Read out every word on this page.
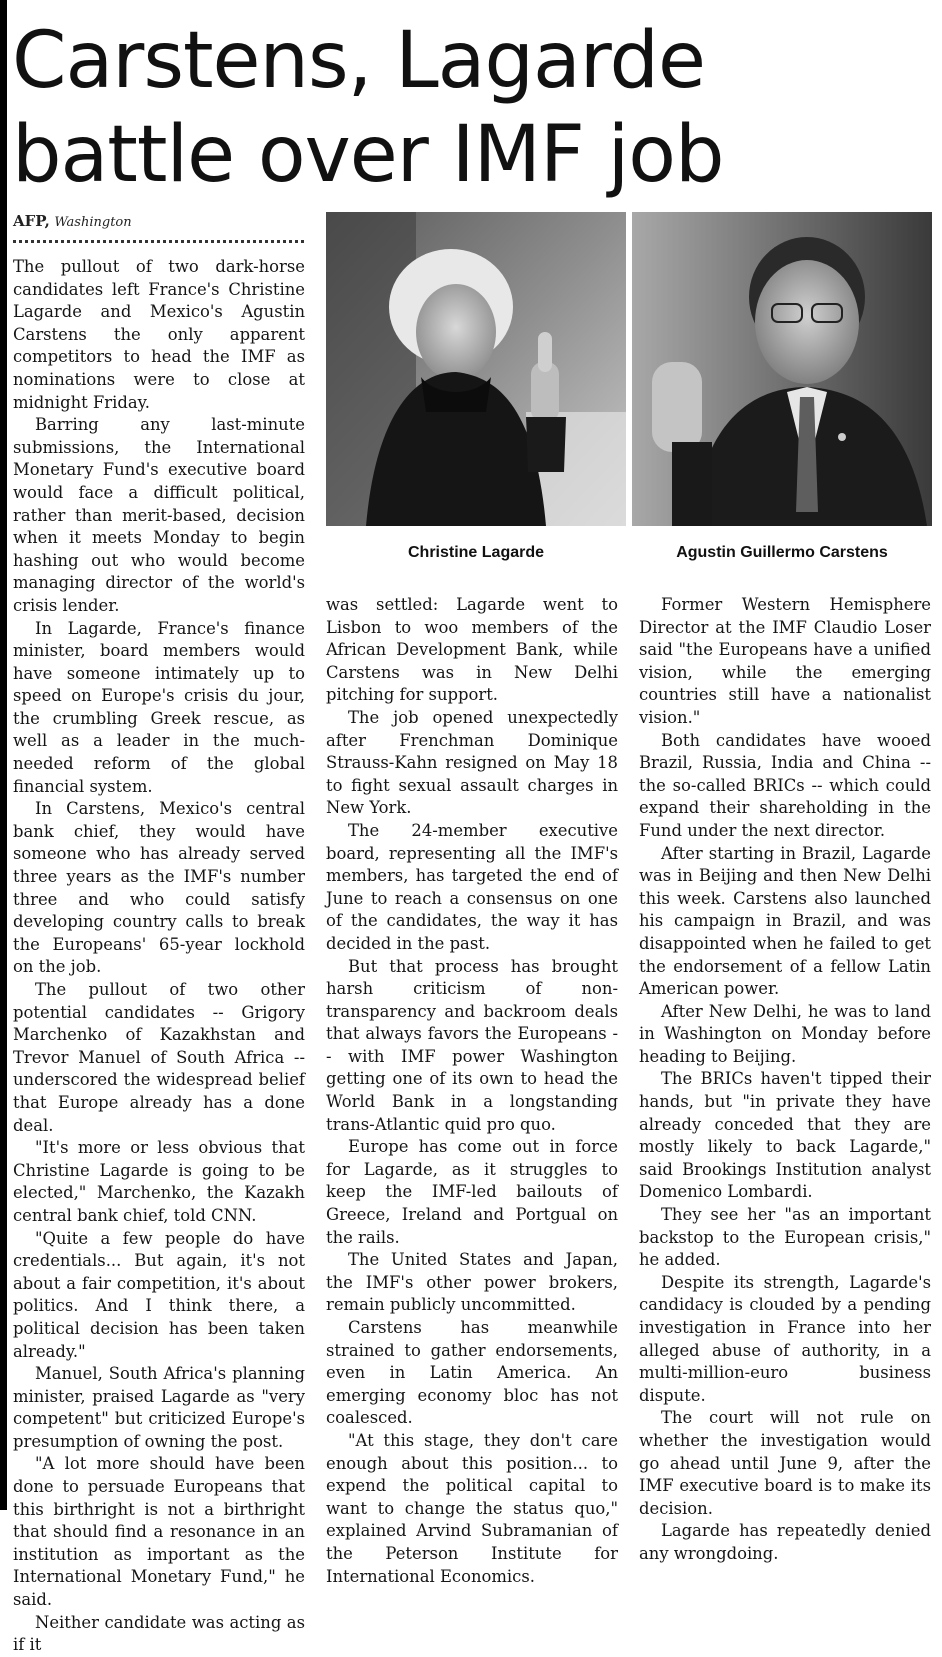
Carstens, Lagarde battle over IMF job
AFP, Washington
Christine Lagarde	Agustin Guillermo Carstens

The pullout of two dark-horse candidates left France's Christine Lagarde and Mexico's Agustin Carstens the only apparent competitors to head the IMF as nominations were to close at midnight Friday.

Barring any last-minute submissions, the International Monetary Fund's executive board would face a difficult political, rather than merit-based, decision when it meets Monday to begin hashing out who would become managing director of the world's crisis lender.

In Lagarde, France's finance minister, board members would have someone intimately up to speed on Europe's crisis du jour, the crumbling Greek rescue, as well as a leader in the much-needed reform of the global financial system.

In Carstens, Mexico's central bank chief, they would have someone who has already served three years as the IMF's number three and who could satisfy developing country calls to break the Europeans' 65-year lockhold on the job.

The pullout of two other potential candidates -- Grigory Marchenko of Kazakhstan and Trevor Manuel of South Africa -- underscored the widespread belief that Europe already has a done deal.

"It's more or less obvious that Christine Lagarde is going to be elected," Marchenko, the Kazakh central bank chief, told CNN.

"Quite a few people do have credentials... But again, it's not about a fair competition, it's about politics. And I think there, a political decision has been taken already."

Manuel, South Africa's planning minister, praised Lagarde as "very competent" but criticized Europe's presumption of owning the post.

"A lot more should have been done to persuade Europeans that this birthright is not a birthright that should find a resonance in an institution as important as the International Monetary Fund," he said.

Neither candidate was acting as if it

was settled: Lagarde went to Lisbon to woo members of the African Development Bank, while Carstens was in New Delhi pitching for support.

The job opened unexpectedly after Frenchman Dominique Strauss-Kahn resigned on May 18 to fight sexual assault charges in New York.

The 24-member executive board, representing all the IMF's members, has targeted the end of June to reach a consensus on one of the candidates, the way it has decided in the past.

But that process has brought harsh criticism of non-transparency and backroom deals that always favors the Europeans -- with IMF power Washington getting one of its own to head the World Bank in a longstanding trans-Atlantic quid pro quo.

Europe has come out in force for Lagarde, as it struggles to keep the IMF-led bailouts of Greece, Ireland and Portgual on the rails.

The United States and Japan, the IMF's other power brokers, remain publicly uncommitted.

Carstens has meanwhile strained to gather endorsements, even in Latin America. An emerging economy bloc has not coalesced.

"At this stage, they don't care enough about this position... to expend the political capital to want to change the status quo," explained Arvind Subramanian of the Peterson Institute for International Economics.

Former Western Hemisphere Director at the IMF Claudio Loser said "the Europeans have a unified vision, while the emerging countries still have a nationalist vision."

Both candidates have wooed Brazil, Russia, India and China -- the so-called BRICs -- which could expand their shareholding in the Fund under the next director.

After starting in Brazil, Lagarde was in Beijing and then New Delhi this week. Carstens also launched his campaign in Brazil, and was disappointed when he failed to get the endorsement of a fellow Latin American power.

After New Delhi, he was to land in Washington on Monday before heading to Beijing.

The BRICs haven't tipped their hands, but "in private they have already conceded that they are mostly likely to back Lagarde," said Brookings Institution analyst Domenico Lombardi.

They see her "as an important backstop to the European crisis," he added.

Despite its strength, Lagarde's candidacy is clouded by a pending investigation in France into her alleged abuse of authority, in a multi-million-euro business dispute.

The court will not rule on whether the investigation would go ahead until June 9, after the IMF executive board is to make its decision.

Lagarde has repeatedly denied any wrongdoing.
